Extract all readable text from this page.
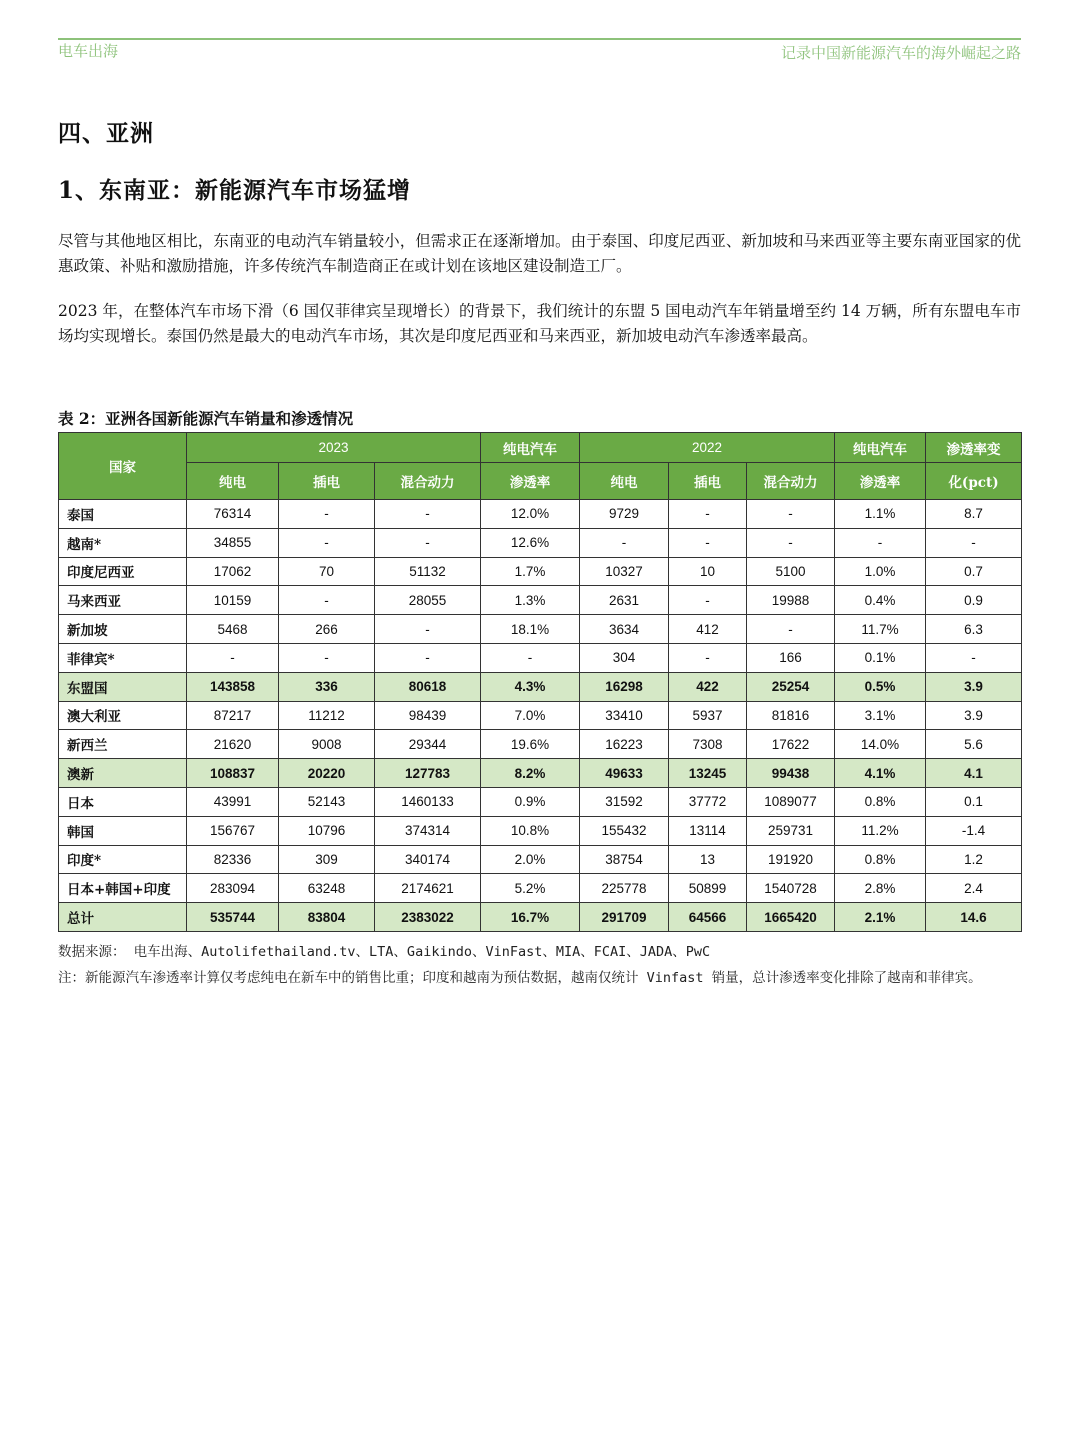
电车出海	记录中国新能源汽车的海外崛起之路
四、亚洲
1、东南亚：新能源汽车市场猛增

尽管与其他地区相比，东南亚的电动汽车销量较小，但需求正在逐渐增加。由于泰国、印度尼西亚、新加坡和马来西亚等主要东南亚国家的优惠政策、补贴和激励措施，许多传统汽车制造商正在或计划在该地区建设制造工厂。

2023 年，在整体汽车市场下滑（6 国仅菲律宾呈现增长）的背景下，我们统计的东盟 5 国电动汽车年销量增至约 14 万辆，所有东盟电车市场均实现增长。泰国仍然是最大的电动汽车市场，其次是印度尼西亚和马来西亚，新加坡电动汽车渗透率最高。

表 2：亚洲各国新能源汽车销量和渗透情况
国家	2023			纯电汽车	2022			纯电汽车	渗透率变
	纯电	插电	混合动力	渗透率	纯电	插电	混合动力	渗透率	化(pct)
泰国	76314	-	-	12.0%	9729	-	-	1.1%	8.7
越南*	34855	-	-	12.6%	-	-	-	-	-
印度尼西亚	17062	70	51132	1.7%	10327	10	5100	1.0%	0.7
马来西亚	10159	-	28055	1.3%	2631	-	19988	0.4%	0.9
新加坡	5468	266	-	18.1%	3634	412	-	11.7%	6.3
菲律宾*	-	-	-	-	304	-	166	0.1%	-
东盟国	143858	336	80618	4.3%	16298	422	25254	0.5%	3.9
澳大利亚	87217	11212	98439	7.0%	33410	5937	81816	3.1%	3.9
新西兰	21620	9008	29344	19.6%	16223	7308	17622	14.0%	5.6
澳新	108837	20220	127783	8.2%	49633	13245	99438	4.1%	4.1
日本	43991	52143	1460133	0.9%	31592	37772	1089077	0.8%	0.1
韩国	156767	10796	374314	10.8%	155432	13114	259731	11.2%	-1.4
印度*	82336	309	340174	2.0%	38754	13	191920	0.8%	1.2
日本+韩国+印度	283094	63248	2174621	5.2%	225778	50899	1540728	2.8%	2.4
总计	535744	83804	2383022	16.7%	291709	64566	1665420	2.1%	14.6
数据来源： 电车出海、Autolifethailand.tv、LTA、Gaikindo、VinFast、MIA、FCAI、JADA、PwC
注：新能源汽车渗透率计算仅考虑纯电在新车中的销售比重；印度和越南为预估数据，越南仅统计 Vinfast 销量，总计渗透率变化排除了越南和菲律宾。
